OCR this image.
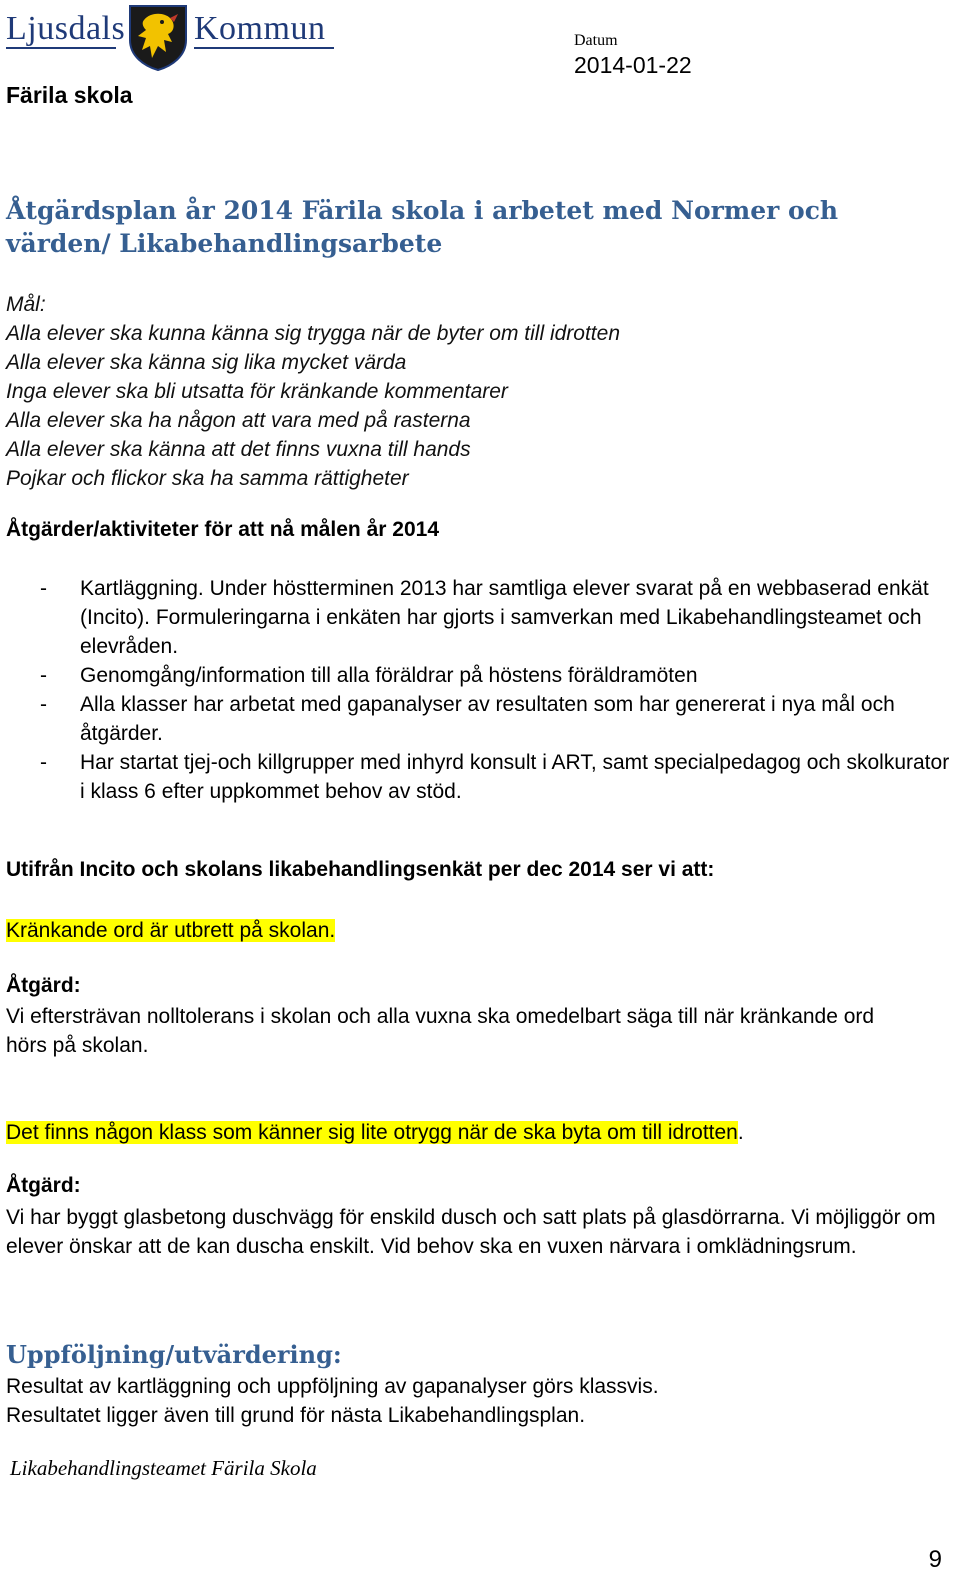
Ljusdals Kommun	Datum
2014-01-22
Färila skola
Åtgärdsplan år 2014 Färila skola i arbetet med Normer och värden/ Likabehandlingsarbete
Mål:
Alla elever ska kunna känna sig trygga när de byter om till idrotten
Alla elever ska känna sig lika mycket värda
Inga elever ska bli utsatta för kränkande kommentarer
Alla elever ska ha någon att vara med på rasterna
Alla elever ska känna att det finns vuxna till hands
Pojkar och flickor ska ha samma rättigheter
Åtgärder/aktiviteter för att nå målen år 2014

- Kartläggning. Under höstterminen 2013 har samtliga elever svarat på en webbaserad enkät (Incito). Formuleringarna i enkäten har gjorts i samverkan med Likabehandlingsteamet och elevråden.

- Genomgång/information till alla föräldrar på höstens föräldramöten

- Alla klasser har arbetat med gapanalyser av resultaten som har genererat i nya mål och åtgärder.

- Har startat tjej-och killgrupper med inhyrd konsult i ART, samt specialpedagog och skolkurator i klass 6 efter uppkommet behov av stöd.

Utifrån Incito och skolans likabehandlingsenkät per dec 2014 ser vi att:
Kränkande ord är utbrett på skolan.
Åtgärd:
Vi eftersträvan nolltolerans i skolan och alla vuxna ska omedelbart säga till när kränkande ord hörs på skolan.
Det finns någon klass som känner sig lite otrygg när de ska byta om till idrotten.
Åtgärd:
Vi har byggt glasbetong duschvägg för enskild dusch och satt plats på glasdörrarna. Vi möjliggör om elever önskar att de kan duscha enskilt. Vid behov ska en vuxen närvara i omklädningsrum.
Uppföljning/utvärdering:
Resultat av kartläggning och uppföljning av gapanalyser görs klassvis.
Resultatet ligger även till grund för nästa Likabehandlingsplan.
Likabehandlingsteamet Färila Skola
9
